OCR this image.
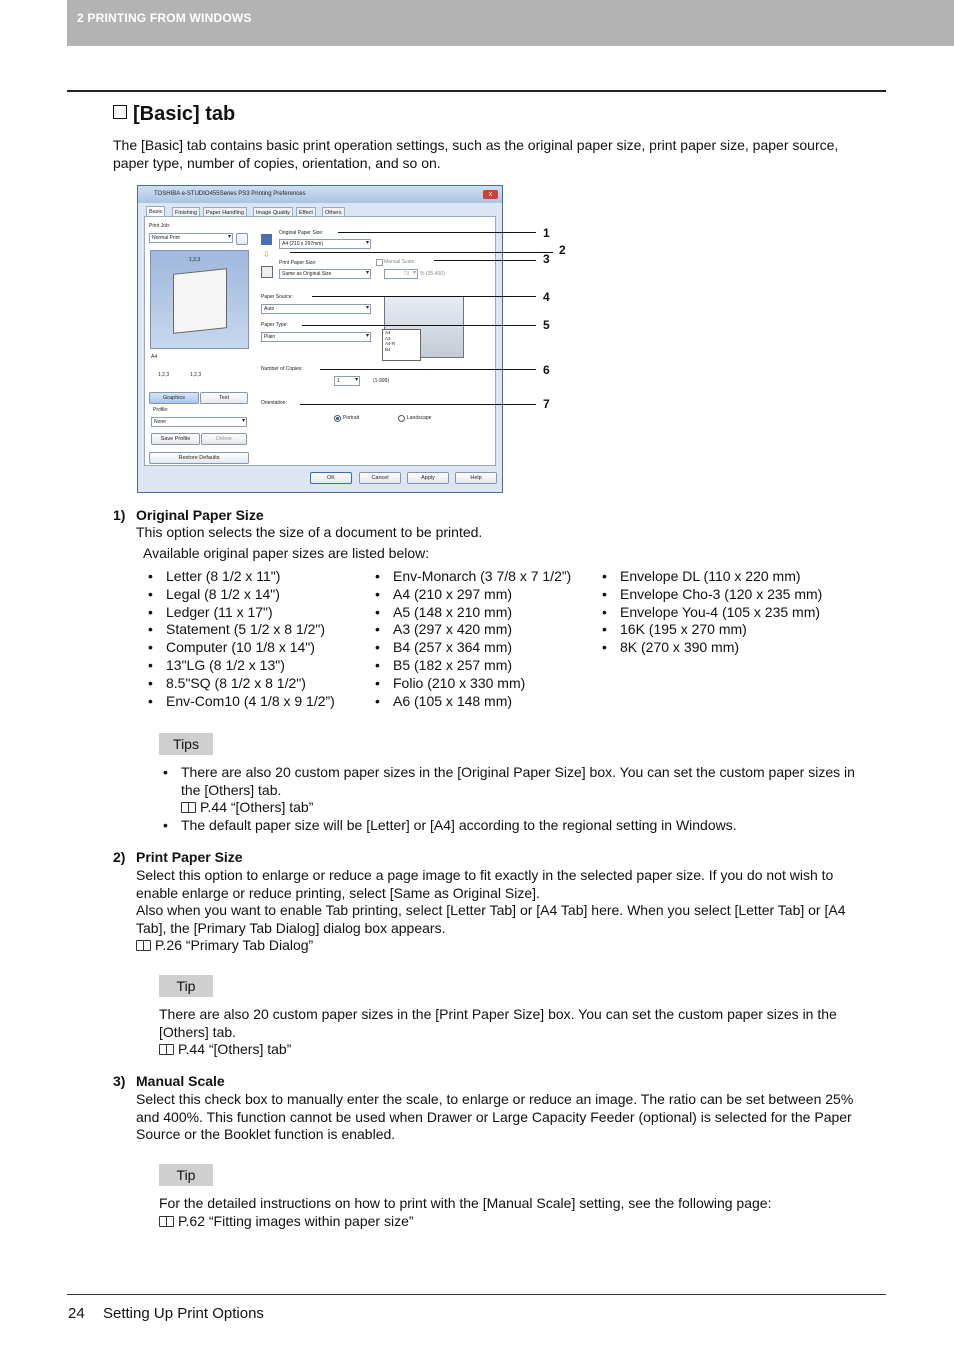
2 PRINTING FROM WINDOWS
[Basic] tab
The [Basic] tab contains basic print operation settings, such as the original paper size, print paper size, paper source,
paper type, number of copies, orientation, and so on.
TOSHIBA e-STUDIO455Series PS3 Printing Preferences	x
Basic	Finishing	Paper Handling	Image Quality	Effect	Others
Print Job:
Normal Print ▾
1,2,3
A4
1,2,3	1,2,3
Graphics	Text
Profile:
None ▾
Save Profile	Delete
Restore Defaults
Original Paper Size:
A4 (210 x 297mm) ▾
⇩
Print Paper Size:
Same as Original Size ▾
Manual Scale:
73 ▾	% (25-400)
Paper Source:
Auto ▾
Paper Type:
Plain ▾
A4
A3
A4-R
B4
Number of Copies:
1 ▾	(1-999)
Orientation:
Portrait	Landscape
OK	Cancel	Apply	Help
1
2
3
4
5
6
7
1) Original Paper Size
This option selects the size of a document to be printed.
Available original paper sizes are listed below:
• Letter (8 1/2 x 11")
• Legal (8 1/2 x 14")
• Ledger (11 x 17")
• Statement (5 1/2 x 8 1/2")
• Computer (10 1/8 x 14")
• 13"LG (8 1/2 x 13")
• 8.5"SQ (8 1/2 x 8 1/2")
• Env-Com10 (4 1/8 x 9 1/2”)
• Env-Monarch (3 7/8 x 7 1/2”)
• A4 (210 x 297 mm)
• A5 (148 x 210 mm)
• A3 (297 x 420 mm)
• B4 (257 x 364 mm)
• B5 (182 x 257 mm)
• Folio (210 x 330 mm)
• A6 (105 x 148 mm)
• Envelope DL (110 x 220 mm)
• Envelope Cho-3 (120 x 235 mm)
• Envelope You-4 (105 x 235 mm)
• 16K (195 x 270 mm)
• 8K (270 x 390 mm)
Tips
• There are also 20 custom paper sizes in the [Original Paper Size] box. You can set the custom paper sizes in
the [Others] tab.
P.44 “[Others] tab”
• The default paper size will be [Letter] or [A4] according to the regional setting in Windows.
2) Print Paper Size
Select this option to enlarge or reduce a page image to fit exactly in the selected paper size. If you do not wish to
enable enlarge or reduce printing, select [Same as Original Size].
Also when you want to enable Tab printing, select [Letter Tab] or [A4 Tab] here. When you select [Letter Tab] or [A4
Tab], the [Primary Tab Dialog] dialog box appears.
P.26 “Primary Tab Dialog”
Tip
There are also 20 custom paper sizes in the [Print Paper Size] box. You can set the custom paper sizes in the
[Others] tab.
P.44 “[Others] tab”
3) Manual Scale
Select this check box to manually enter the scale, to enlarge or reduce an image. The ratio can be set between 25%
and 400%. This function cannot be used when Drawer or Large Capacity Feeder (optional) is selected for the Paper
Source or the Booklet function is enabled.
Tip
For the detailed instructions on how to print with the [Manual Scale] setting, see the following page:
P.62 “Fitting images within paper size”
24 Setting Up Print Options
